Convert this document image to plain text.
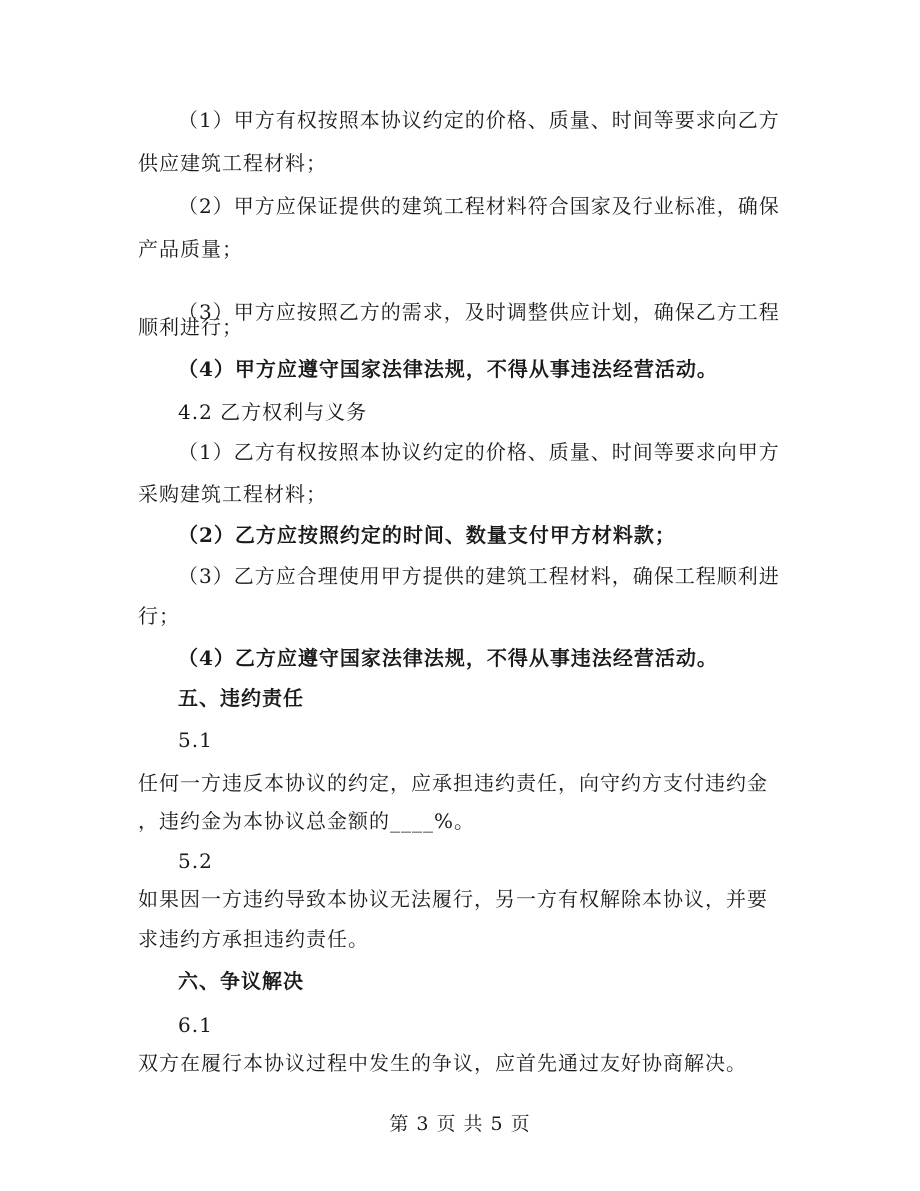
（1）甲方有权按照本协议约定的价格、质量、时间等要求向乙方
供应建筑工程材料；
（2）甲方应保证提供的建筑工程材料符合国家及行业标准，确保
产品质量；
（3）甲方应按照乙方的需求，及时调整供应计划，确保乙方工程
顺利进行；
（4）甲方应遵守国家法律法规，不得从事违法经营活动。
4.2 乙方权利与义务
（1）乙方有权按照本协议约定的价格、质量、时间等要求向甲方
采购建筑工程材料；
（2）乙方应按照约定的时间、数量支付甲方材料款；
（3）乙方应合理使用甲方提供的建筑工程材料，确保工程顺利进
行；
（4）乙方应遵守国家法律法规，不得从事违法经营活动。
五、违约责任
5.1
任何一方违反本协议的约定，应承担违约责任，向守约方支付违约金
，违约金为本协议总金额的____%。
5.2
如果因一方违约导致本协议无法履行，另一方有权解除本协议，并要
求违约方承担违约责任。
六、争议解决
6.1
双方在履行本协议过程中发生的争议，应首先通过友好协商解决。
第 3 页 共 5 页
